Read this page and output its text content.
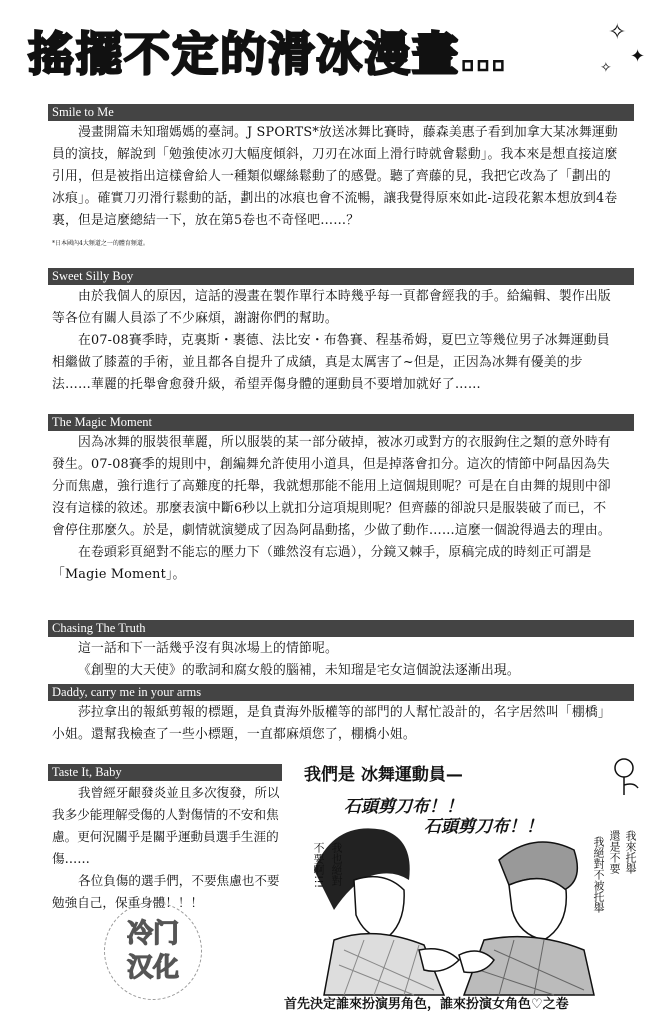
搖擺不定的滑冰漫畫…	✧
✦
✧
Smile to Me

漫畫開篇未知瑠媽媽的臺詞。J SPORTS*放送冰舞比賽時，藤森美惠子看到加拿大某冰舞運動員的演技，解說到「勉強使冰刃大幅度傾斜，刀刃在冰面上滑行時就會鬆動」。我本來是想直接這麼引用，但是被指出這樣會給人一種類似螺絲鬆動了的感覺。聽了齊藤的見，我把它改為了「劃出的冰痕」。確實刀刃滑行鬆動的話，劃出的冰痕也會不流暢，讓我覺得原來如此-這段花絮本想放到4卷裏，但是這麼總結一下，放在第5卷也不奇怪吧……？

*日本國內4大頻道之一的體育頻道。
Sweet Silly Boy

由於我個人的原因，這話的漫畫在製作單行本時幾乎每一頁都會經我的手。給編輯、製作出版等各位有關人員添了不少麻煩，謝謝你們的幫助。

在07-08賽季時，克裏斯・裹德、法比安・布魯賽、程基希姆，夏巴立等幾位男子冰舞運動員相繼做了膝蓋的手術，並且都各自提升了成績，真是太厲害了~但是，正因為冰舞有優美的步法……華麗的托舉會愈發升級，希望弄傷身體的運動員不要增加就好了……

The Magic Moment

因為冰舞的服裝很華麗，所以服裝的某一部分破掉，被冰刃或對方的衣服鉤住之類的意外時有發生。07-08賽季的規則中，創編舞允許使用小道具，但是掉落會扣分。這次的情節中阿晶因為失分而焦慮，強行進行了高難度的托舉，我就想那能不能用上這個規則呢？可是在自由舞的規則中卻沒有這樣的敘述。那麼表演中斷6秒以上就扣分這項規則呢？但齊藤的卻說只是服裝破了而已，不會停住那麼久。於是，劇情就演變成了因為阿晶動搖，少做了動作……這麼一個說得過去的理由。

在卷頭彩頁絕對不能忘的壓力下（雖然沒有忘過），分鏡又棘手，原稿完成的時刻正可謂是「Magie Moment」。

Chasing The Truth

這一話和下一話幾乎沒有與冰場上的情節呢。

《創聖的大天使》的歌詞和腐女般的腦補，未知瑠是宅女這個說法逐漸出現。

Daddy, carry me in your arms

莎拉拿出的報紙剪報的標題，是負責海外版權等的部門的人幫忙設計的，名字居然叫「棚橋」小姐。還幫我檢查了一些小標題，一直都麻煩您了，棚橋小姐。

Taste It, Baby

我曾經牙齦發炎並且多次復發，所以我多少能理解受傷的人對傷情的不安和焦慮。更何況關乎是關乎運動員選手生涯的傷……

各位負傷的選手們，不要焦慮也不要勉強自己，保重身體！！！

冷门
汉化
我們是 冰舞運動員—
石頭剪刀布！！
石頭剪刀布！！
不要啊!!! 我也絕對	我來托舉
還是不要
我絕對不被托舉
首先決定誰來扮演男角色，誰來扮演女角色♡之卷
